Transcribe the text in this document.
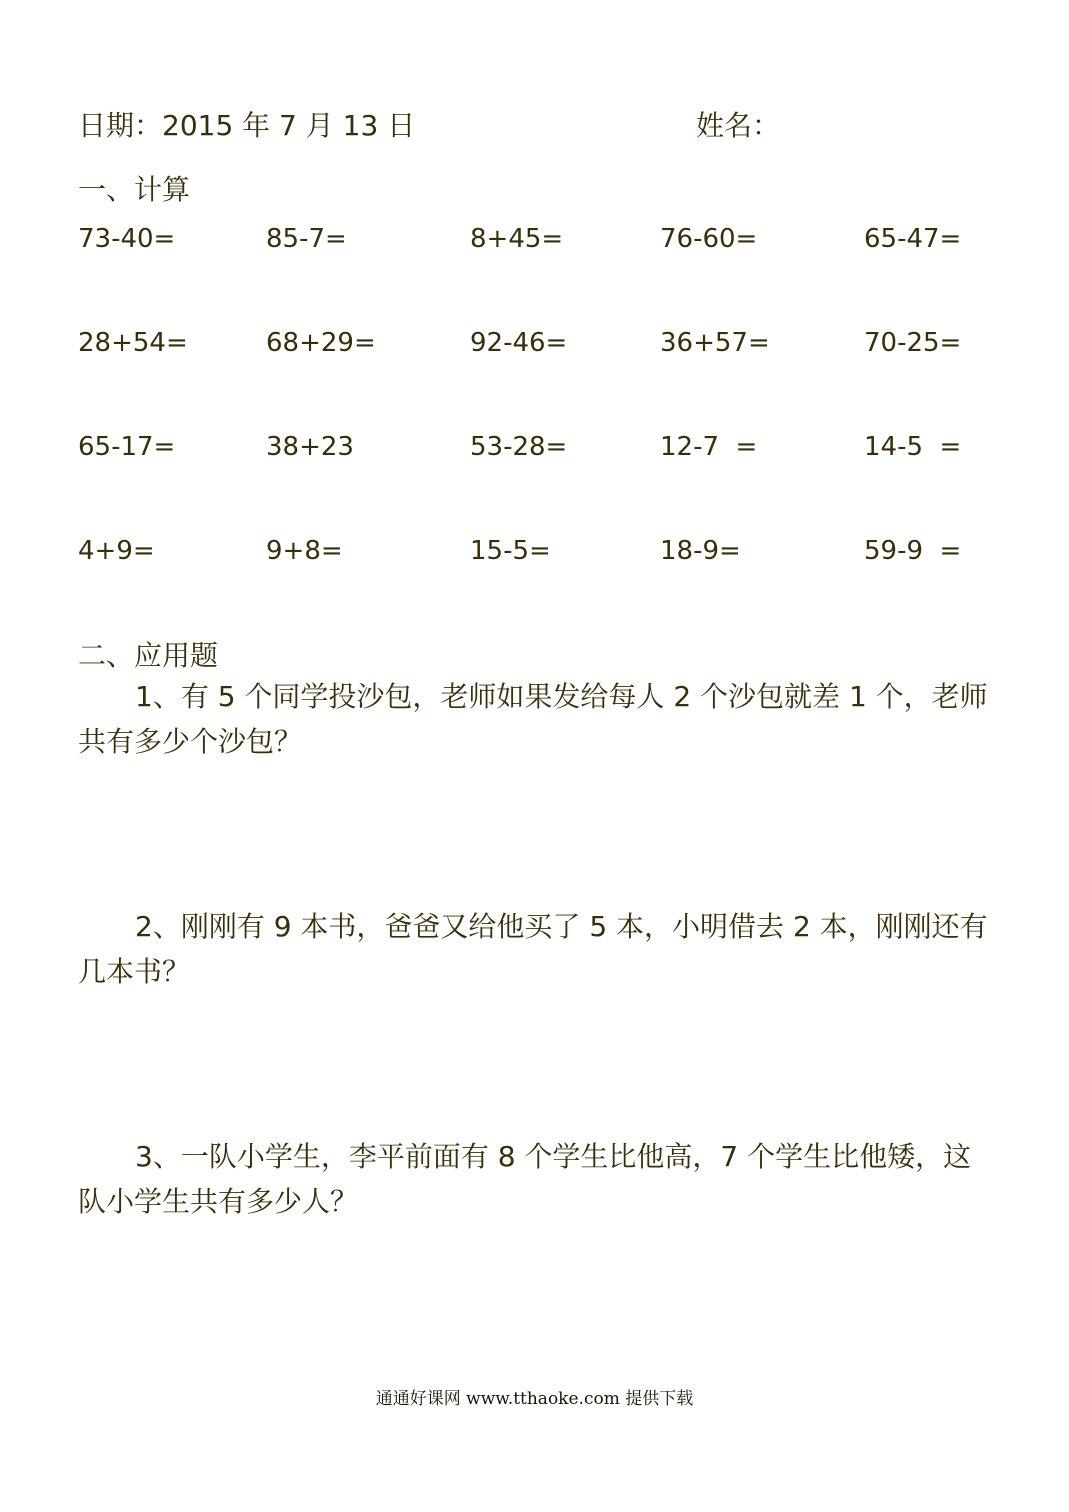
日期：2015 年 7 月 13 日	姓名：
一、计算
73-40=	85-7=	8+45=	76-60=	65-47=
28+54=	68+29=	92-46=	36+57=	70-25=
65-17=	38+23	53-28=	12-7  =	14-5  =
4+9=	9+8=	15-5=	18-9=	59-9  =
二、应用题
1、有 5 个同学投沙包，老师如果发给每人 2 个沙包就差 1 个，老师
共有多少个沙包？
2、刚刚有 9 本书，爸爸又给他买了 5 本，小明借去 2 本，刚刚还有
几本书？
3、一队小学生，李平前面有 8 个学生比他高，7 个学生比他矮，这
队小学生共有多少人？
通通好课网 www.tthaoke.com 提供下载
